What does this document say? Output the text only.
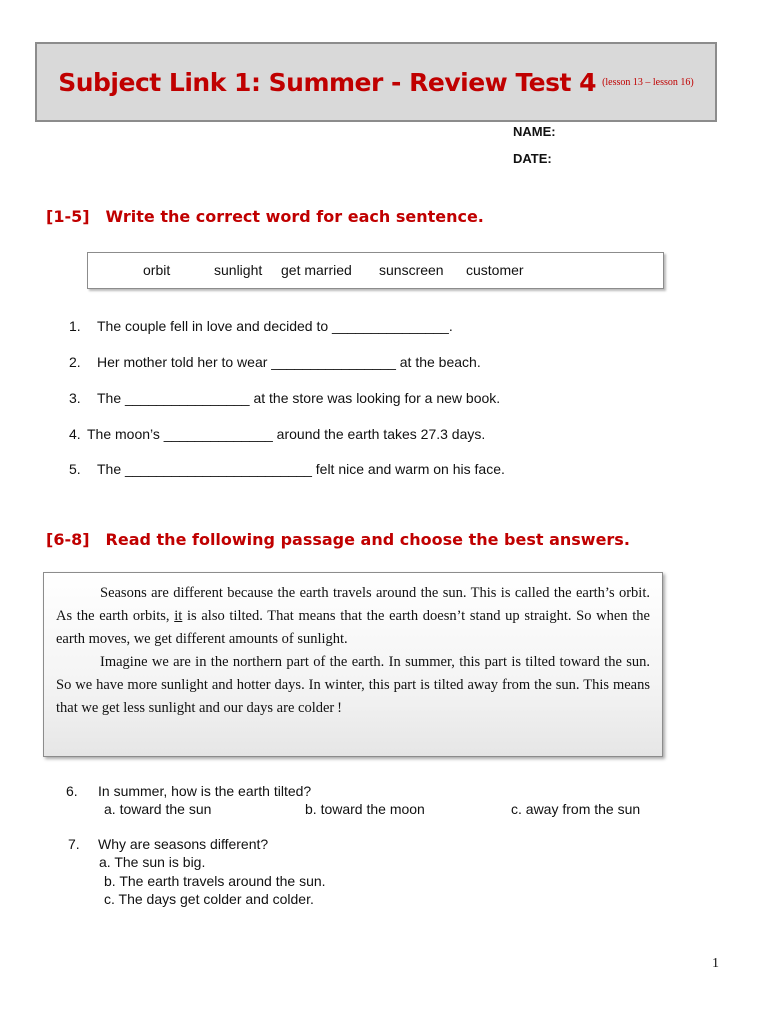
Subject Link 1: Summer - Review Test 4 (lesson 13 – lesson 16)
NAME:
DATE:
[1-5] Write the correct word for each sentence.
orbit	sunlight get married sunscreen customer
1. The couple fell in love and decided to _______________.
2. Her mother told her to wear ________________ at the beach.
3. The ________________ at the store was looking for a new book.
4. The moon’s ______________ around the earth takes 27.3 days.
5. The ________________________ felt nice and warm on his face.
[6-8] Read the following passage and choose the best answers.

Seasons are different because the earth travels around the sun. This is called the earth’s orbit. As the earth orbits, it is also tilted. That means that the earth doesn’t stand up straight. So when the earth moves, we get different amounts of sunlight.

Imagine we are in the northern part of the earth. In summer, this part is tilted toward the sun. So we have more sunlight and hotter days. In winter, this part is tilted away from the sun. This means that we get less sunlight and our days are colder !

6. In summer, how is the earth tilted?
a. toward the sun	b. toward the moon	c. away from the sun
7. Why are seasons different?
a. The sun is big.
b. The earth travels around the sun.
c. The days get colder and colder.
1
